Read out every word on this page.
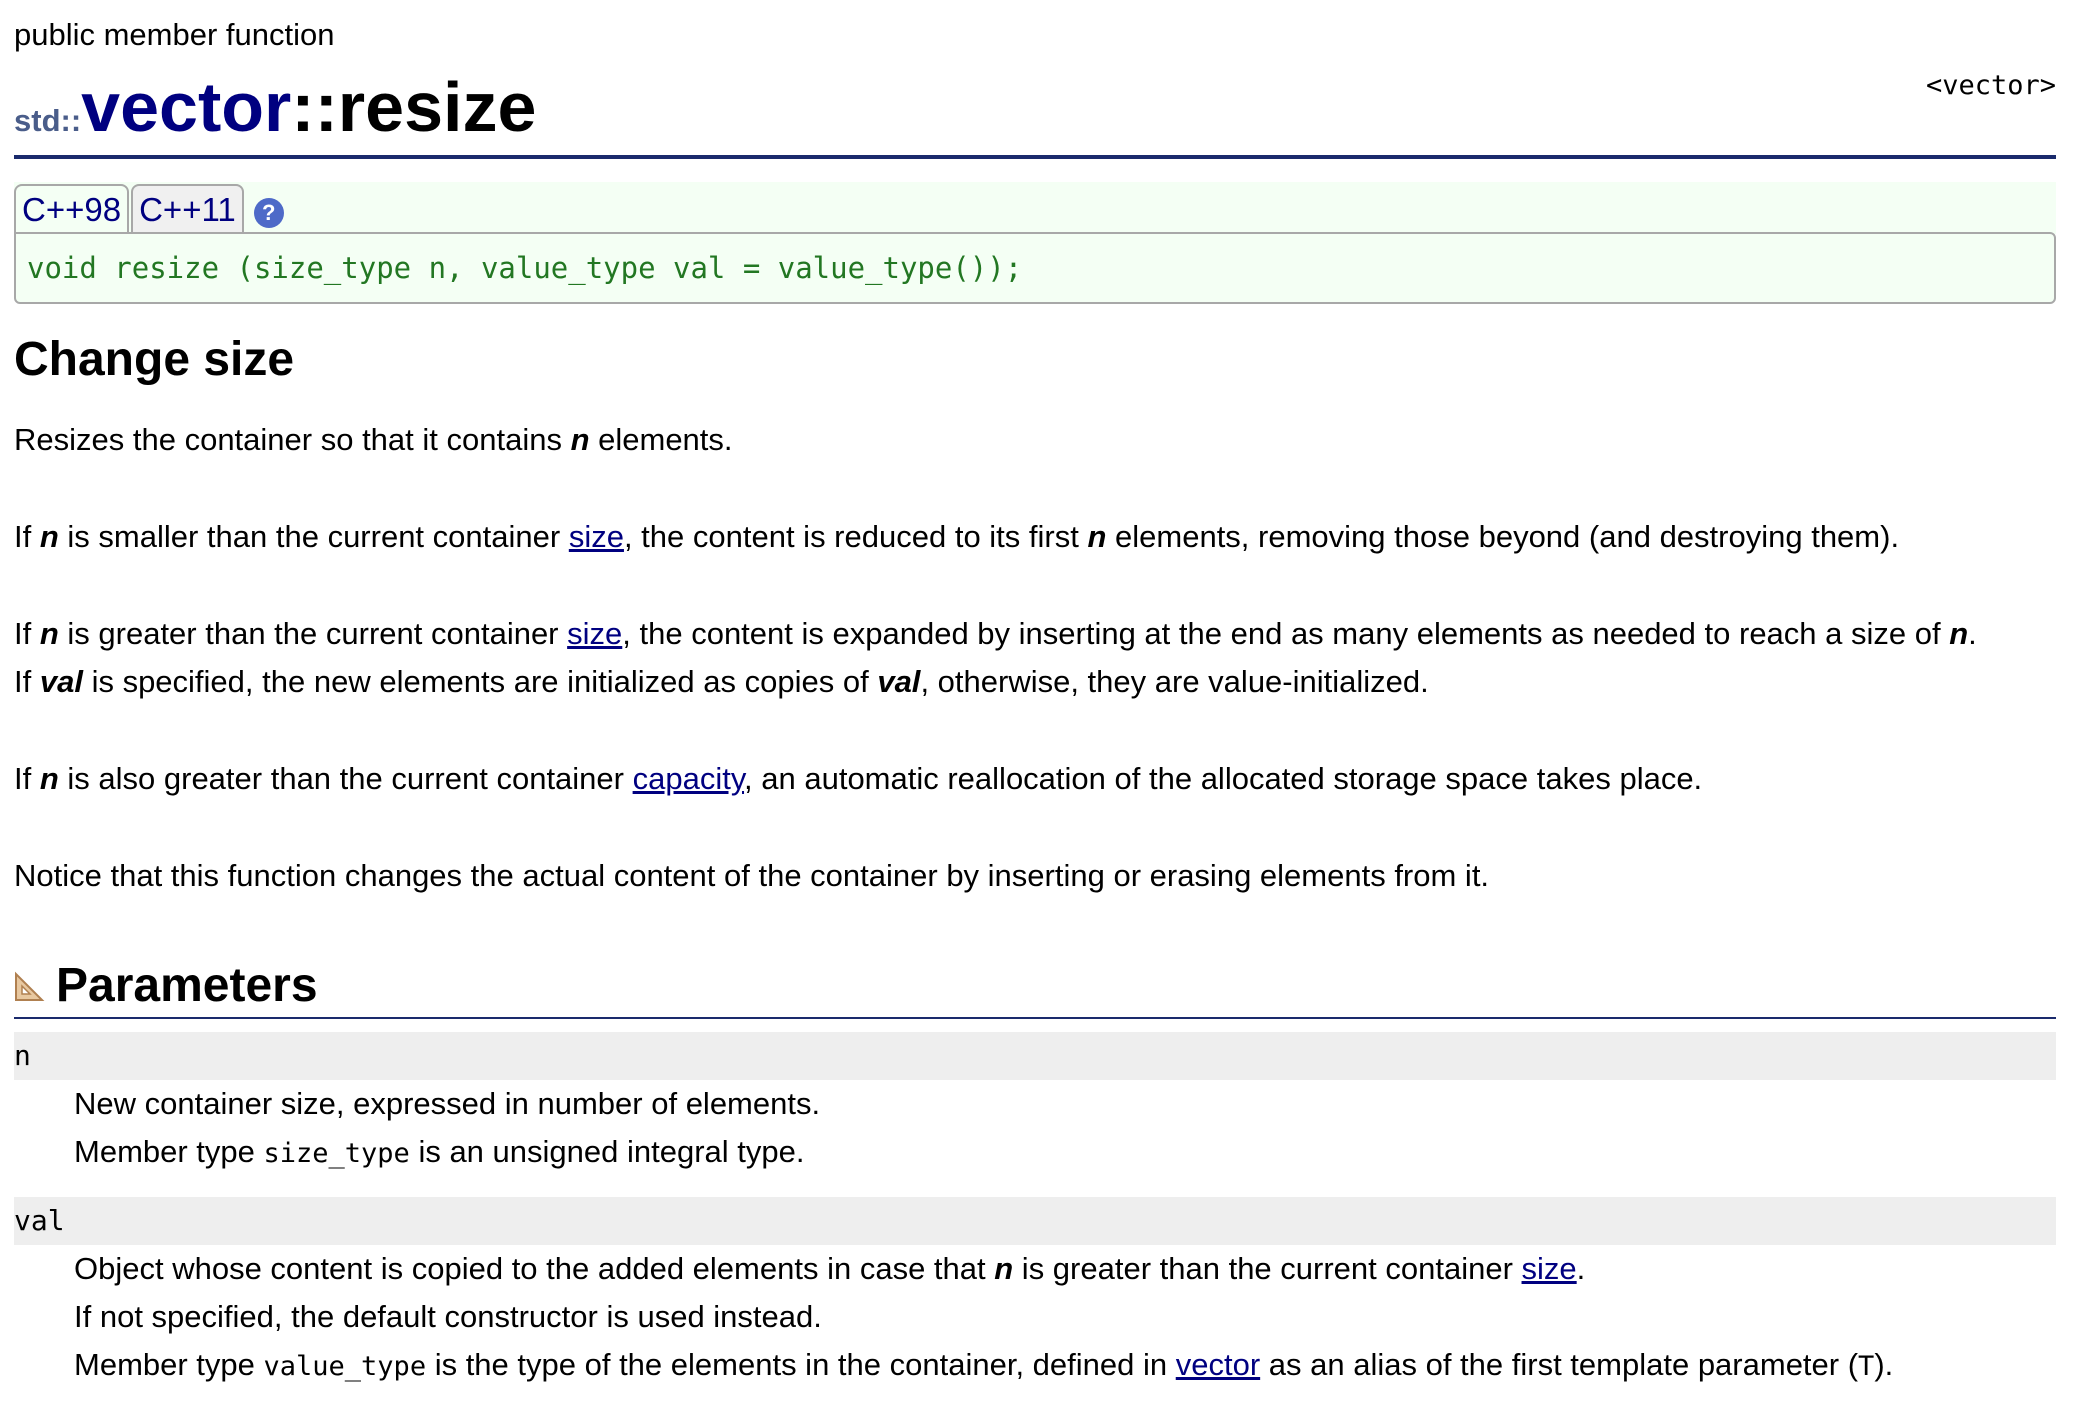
public member function
<vector>
std::vector::resize
C++98 C++11	?
void resize (size_type n, value_type val = value_type());
Change size
Resizes the container so that it contains n elements.
If n is smaller than the current container size, the content is reduced to its first n elements, removing those beyond (and destroying them).
If n is greater than the current container size, the content is expanded by inserting at the end as many elements as needed to reach a size of n.
If val is specified, the new elements are initialized as copies of val, otherwise, they are value-initialized.
If n is also greater than the current container capacity, an automatic reallocation of the allocated storage space takes place.
Notice that this function changes the actual content of the container by inserting or erasing elements from it.
Parameters
n
New container size, expressed in number of elements.
Member type size_type is an unsigned integral type.
val
Object whose content is copied to the added elements in case that n is greater than the current container size.
If not specified, the default constructor is used instead.
Member type value_type is the type of the elements in the container, defined in vector as an alias of the first template parameter (T).
